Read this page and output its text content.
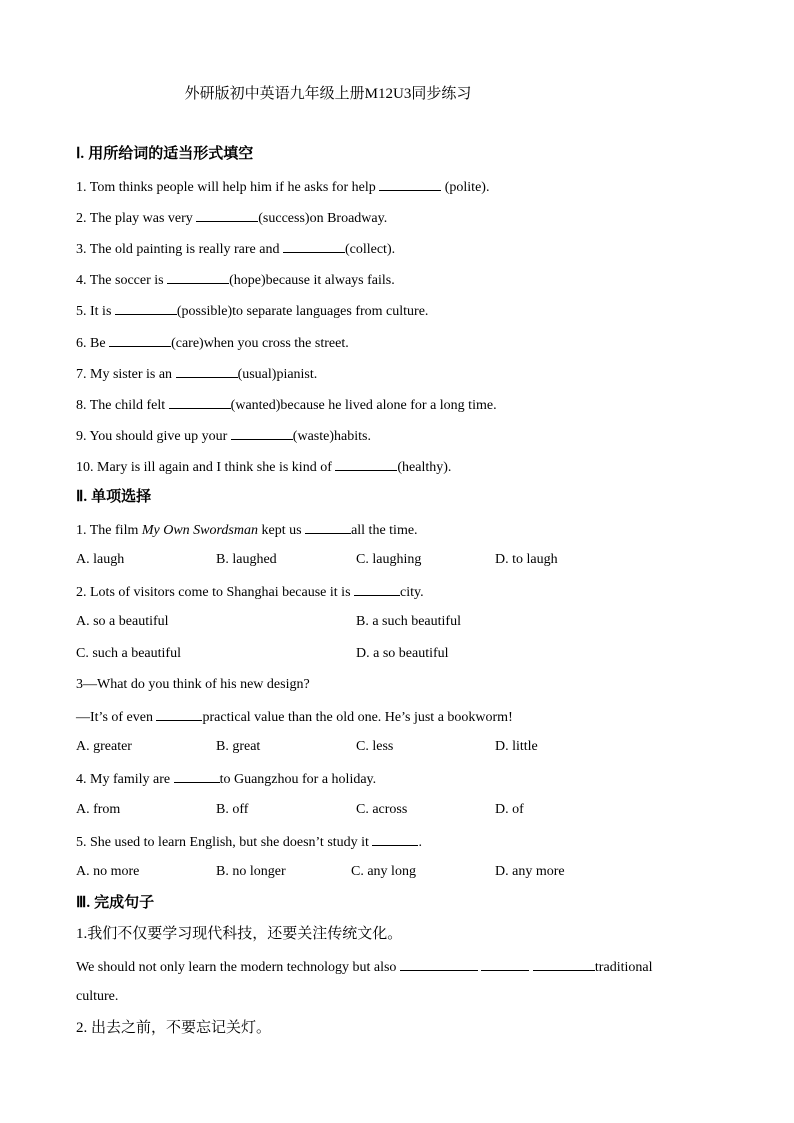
外研版初中英语九年级上册M12U3同步练习
Ⅰ. 用所给词的适当形式填空
1. Tom thinks people will help him if he asks for help	(polite).
2. The play was very	(success)on Broadway.
3. The old painting is really rare and	(collect).
4. The soccer is	(hope)because it always fails.
5. It is	(possible)to separate languages from culture.
6. Be	(care)when you cross the street.
7. My sister is an	(usual)pianist.
8. The child felt	(wanted)because he lived alone for a long time.
9. You should give up your	(waste)habits.
10. Mary is ill again and I think she is kind of	(healthy).
Ⅱ. 单项选择
1. The film My Own Swordsman kept us	all the time.
A. laugh	B. laughed	C. laughing	D. to laugh
2. Lots of visitors come to Shanghai because it is	city.
A. so a beautiful	B. a such beautiful
C. such a beautiful	D. a so beautiful
3—What do you think of his new design?
—It’s of even	practical value than the old one. He’s just a bookworm!
A. greater	B. great	C. less	D. little
4. My family are	to Guangzhou for a holiday.
A. from	B. off	C. across	D. of
5. She used to learn English, but she doesn’t study it	.
A. no more	B. no longer	C. any long	D. any more
Ⅲ. 完成句子
1.我们不仅要学习现代科技，还要关注传统文化。
We should not only learn the modern technology but also	traditional
culture.
2. 出去之前，不要忘记关灯。
